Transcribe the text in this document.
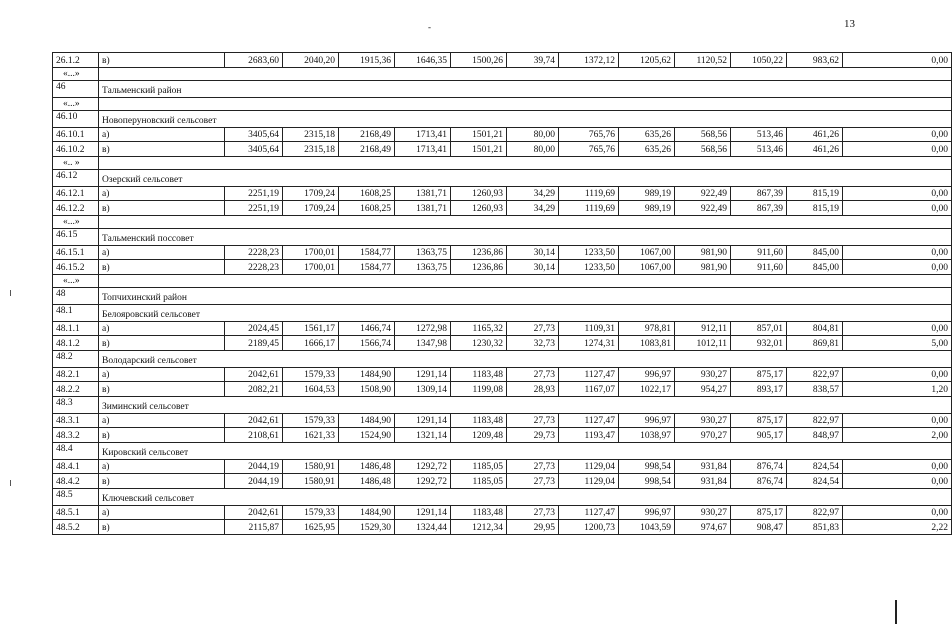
-	13
26.1.2	в)	2683,60	2040,20	1915,36	1646,35	1500,26	39,74	1372,12	1205,62	1120,52	1050,22	983,62	0,00
«...»													
46	Тальменский район												
«...»													
46.10	Новоперуновский сельсовет												
46.10.1	а)	3405,64	2315,18	2168,49	1713,41	1501,21	80,00	765,76	635,26	568,56	513,46	461,26	0,00
46.10.2	в)	3405,64	2315,18	2168,49	1713,41	1501,21	80,00	765,76	635,26	568,56	513,46	461,26	0,00
«.. »													
46.12	Озерский сельсовет												
46.12.1	а)	2251,19	1709,24	1608,25	1381,71	1260,93	34,29	1119,69	989,19	922,49	867,39	815,19	0,00
46.12.2	в)	2251,19	1709,24	1608,25	1381,71	1260,93	34,29	1119,69	989,19	922,49	867,39	815,19	0,00
«...»													
46.15	Тальменский поссовет												
46.15.1	а)	2228,23	1700,01	1584,77	1363,75	1236,86	30,14	1233,50	1067,00	981,90	911,60	845,00	0,00
46.15.2	в)	2228,23	1700,01	1584,77	1363,75	1236,86	30,14	1233,50	1067,00	981,90	911,60	845,00	0,00
«...»													
48	Топчихинский район												
48.1	Белояровский сельсовет												
48.1.1	а)	2024,45	1561,17	1466,74	1272,98	1165,32	27,73	1109,31	978,81	912,11	857,01	804,81	0,00
48.1.2	в)	2189,45	1666,17	1566,74	1347,98	1230,32	32,73	1274,31	1083,81	1012,11	932,01	869,81	5,00
48.2	Володарский сельсовет												
48.2.1	а)	2042,61	1579,33	1484,90	1291,14	1183,48	27,73	1127,47	996,97	930,27	875,17	822,97	0,00
48.2.2	в)	2082,21	1604,53	1508,90	1309,14	1199,08	28,93	1167,07	1022,17	954,27	893,17	838,57	1,20
48.3	Зиминский сельсовет												
48.3.1	а)	2042,61	1579,33	1484,90	1291,14	1183,48	27,73	1127,47	996,97	930,27	875,17	822,97	0,00
48.3.2	в)	2108,61	1621,33	1524,90	1321,14	1209,48	29,73	1193,47	1038,97	970,27	905,17	848,97	2,00
48.4	Кировский сельсовет												
48.4.1	а)	2044,19	1580,91	1486,48	1292,72	1185,05	27,73	1129,04	998,54	931,84	876,74	824,54	0,00
48.4.2	в)	2044,19	1580,91	1486,48	1292,72	1185,05	27,73	1129,04	998,54	931,84	876,74	824,54	0,00
48.5	Ключевский сельсовет												
48.5.1	а)	2042,61	1579,33	1484,90	1291,14	1183,48	27,73	1127,47	996,97	930,27	875,17	822,97	0,00
48.5.2	в)	2115,87	1625,95	1529,30	1324,44	1212,34	29,95	1200,73	1043,59	974,67	908,47	851,83	2,22
